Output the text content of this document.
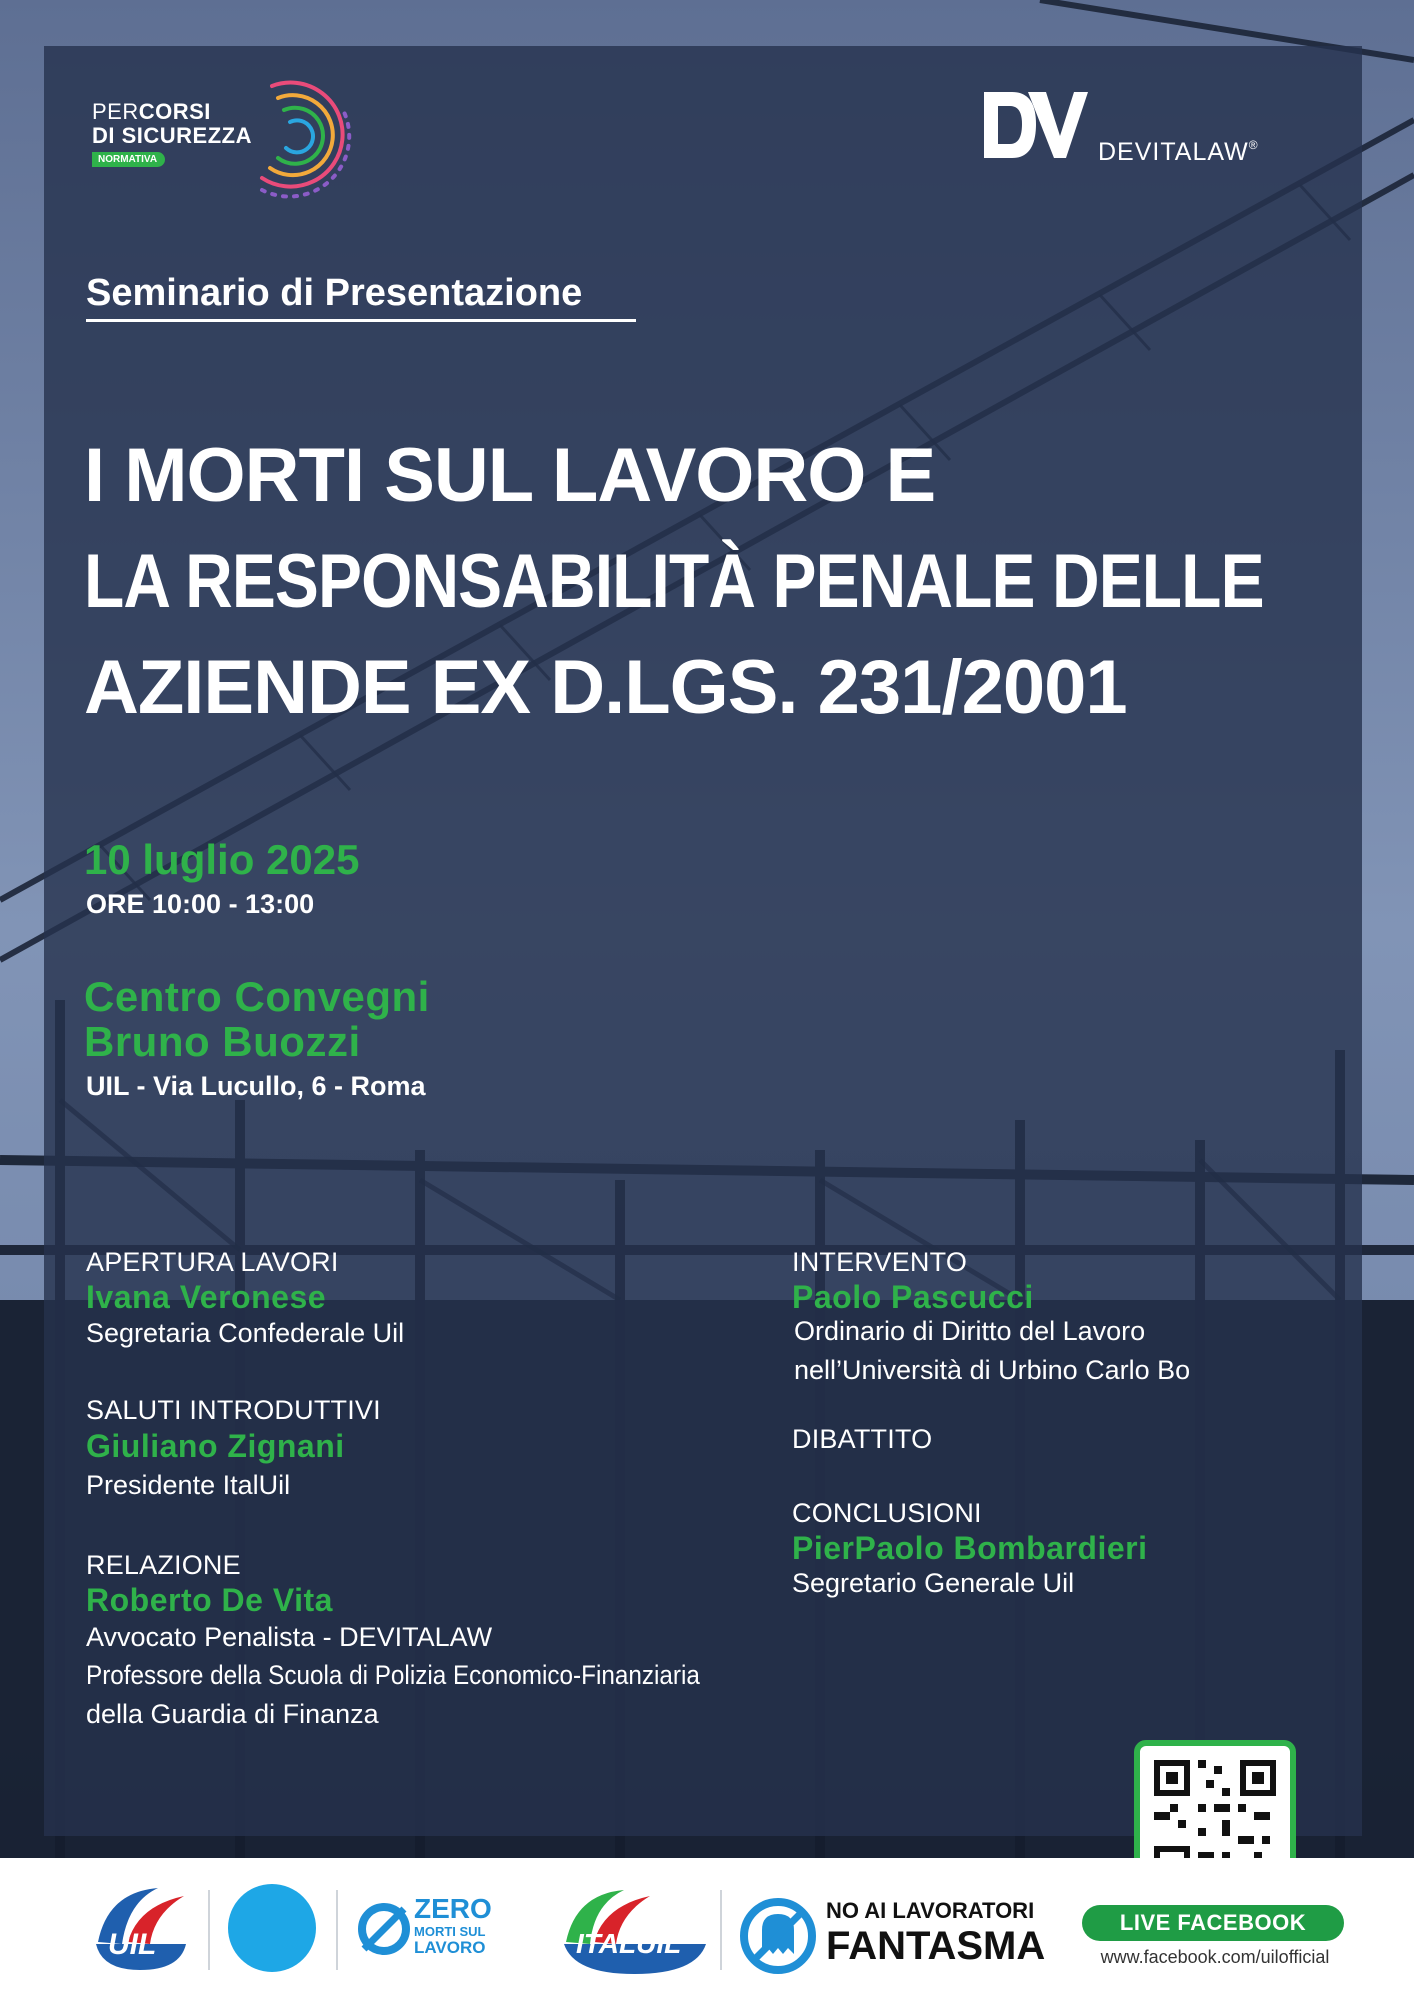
PERCORSI
DI SICUREZZA
NORMATIVA	DEVITALAW®
Seminario di Presentazione
I MORTI SUL LAVORO E
LA RESPONSABILITÀ PENALE DELLE
AZIENDE EX D.LGS. 231/2001
10 luglio 2025
ORE 10:00 - 13:00
Centro Convegni
Bruno Buozzi
UIL - Via Lucullo, 6 - Roma
APERTURA LAVORI
Ivana Veronese
Segretaria Confederale Uil
SALUTI INTRODUTTIVI
Giuliano Zignani
Presidente ItalUil
RELAZIONE
Roberto De Vita
Avvocato Penalista - DEVITALAW
Professore della Scuola di Polizia Economico-Finanziaria
della Guardia di Finanza
INTERVENTO
Paolo Pascucci
Ordinario di Diritto del Lavoro
nell’Università di Urbino Carlo Bo
DIBATTITO
CONCLUSIONI
PierPaolo Bombardieri
Segretario Generale Uil
UIL
ZERO
MORTI SUL
LAVORO	ITALUIL
NO AI LAVORATORI
FANTASMA
LIVE FACEBOOK
www.facebook.com/uilofficial
